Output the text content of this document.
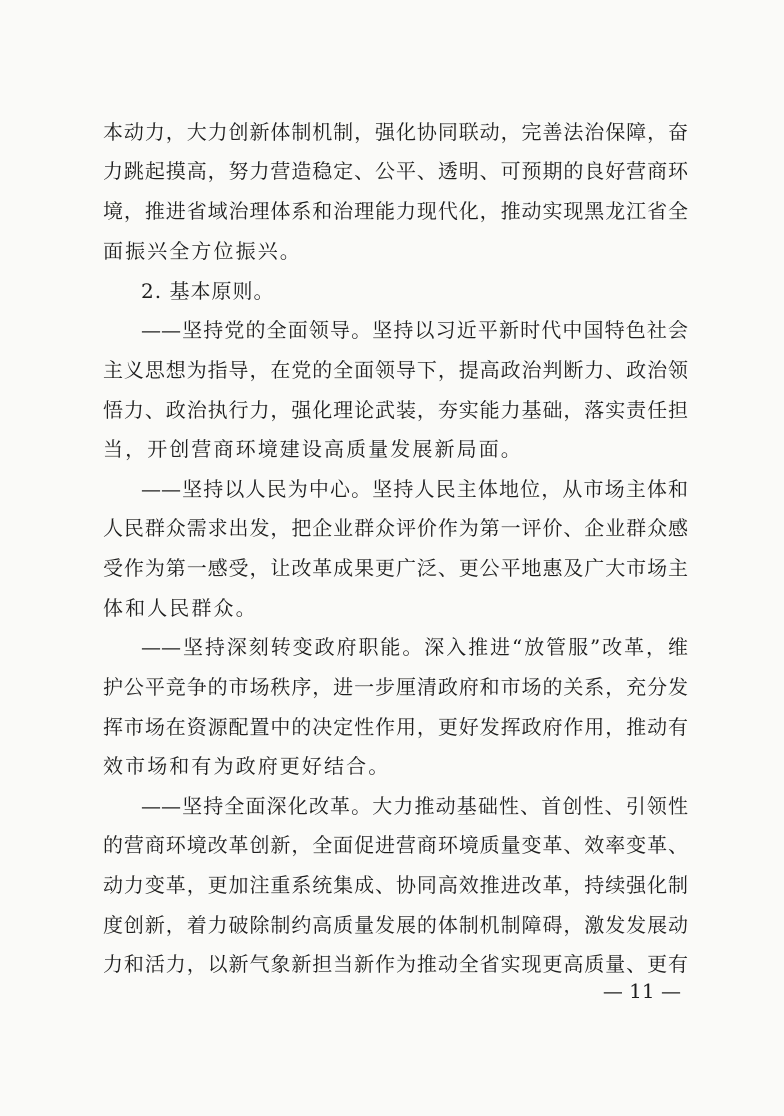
本动力，大力创新体制机制，强化协同联动，完善法治保障，奋
力跳起摸高，努力营造稳定、公平、透明、可预期的良好营商环
境，推进省域治理体系和治理能力现代化，推动实现黑龙江省全
面振兴全方位振兴。
2. 基本原则。
——坚持党的全面领导。坚持以习近平新时代中国特色社会
主义思想为指导，在党的全面领导下，提高政治判断力、政治领
悟力、政治执行力，强化理论武装，夯实能力基础，落实责任担
当，开创营商环境建设高质量发展新局面。
——坚持以人民为中心。坚持人民主体地位，从市场主体和
人民群众需求出发，把企业群众评价作为第一评价、企业群众感
受作为第一感受，让改革成果更广泛、更公平地惠及广大市场主
体和人民群众。
——坚持深刻转变政府职能。深入推进“放管服”改革，维
护公平竞争的市场秩序，进一步厘清政府和市场的关系，充分发
挥市场在资源配置中的决定性作用，更好发挥政府作用，推动有
效市场和有为政府更好结合。
——坚持全面深化改革。大力推动基础性、首创性、引领性
的营商环境改革创新，全面促进营商环境质量变革、效率变革、
动力变革，更加注重系统集成、协同高效推进改革，持续强化制
度创新，着力破除制约高质量发展的体制机制障碍，激发发展动
力和活力，以新气象新担当新作为推动全省实现更高质量、更有
— 11 —
